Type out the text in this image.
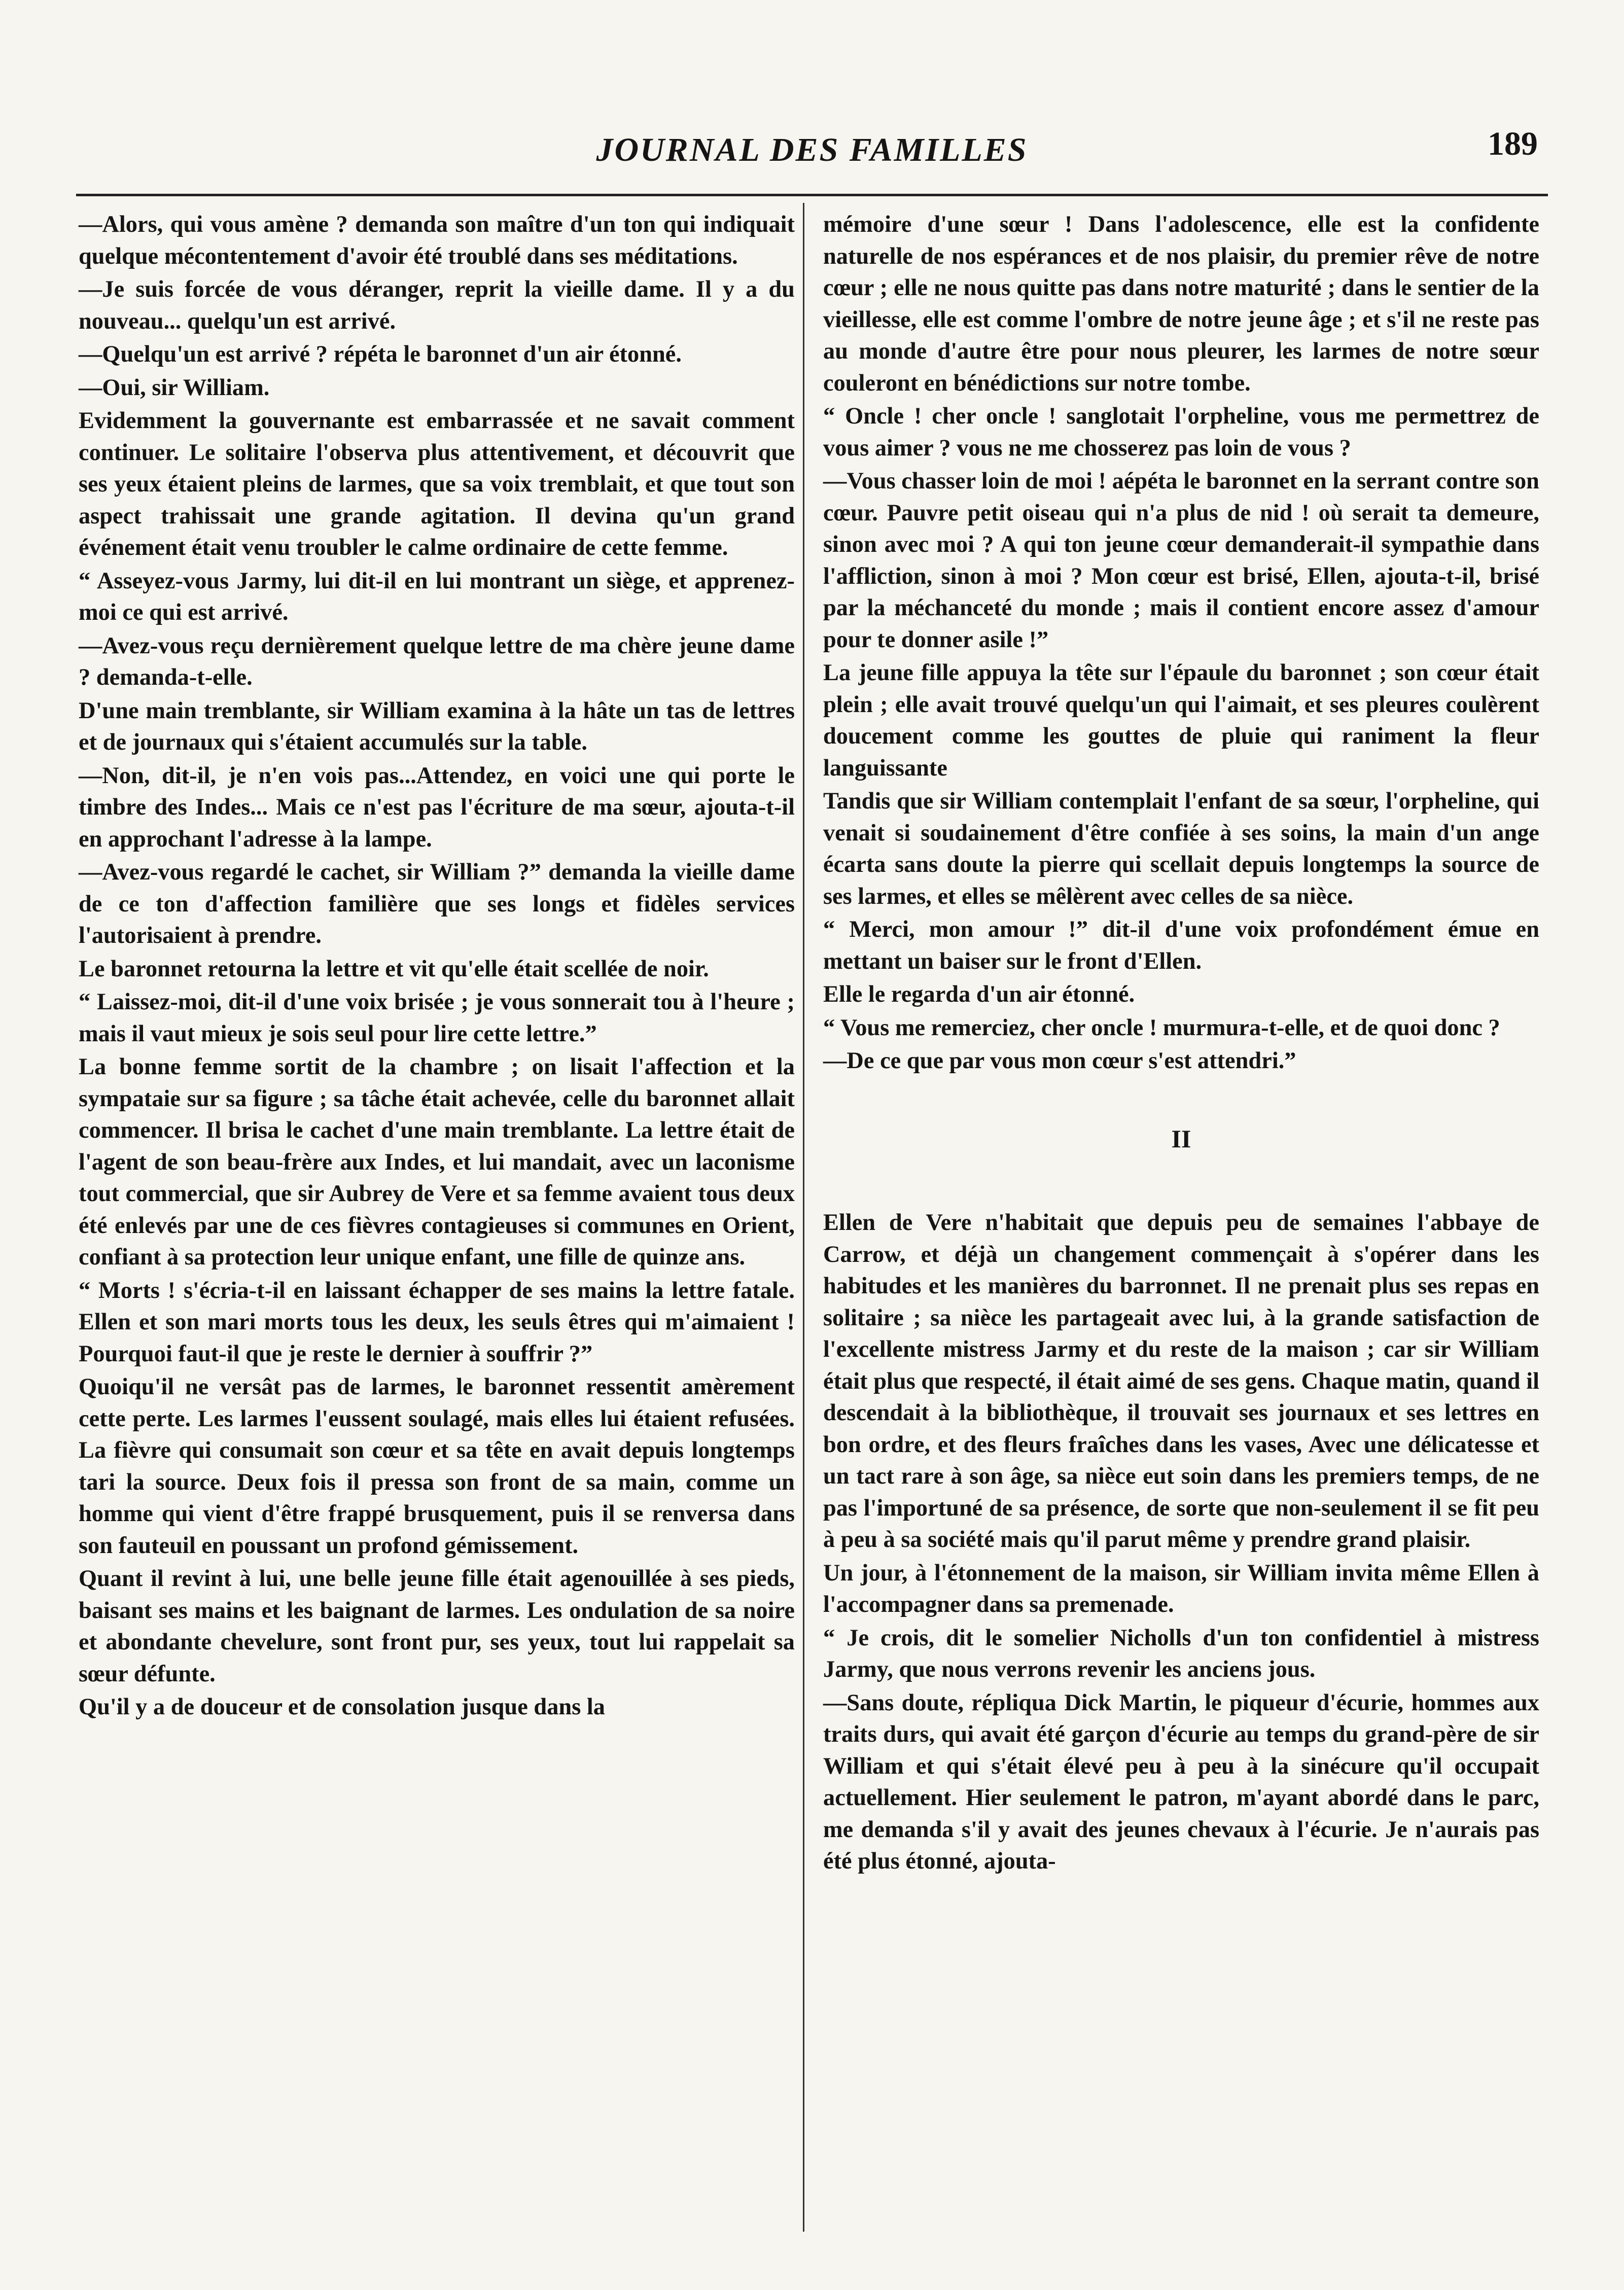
JOURNAL DES FAMILLES	189

—Alors, qui vous amène ? demanda son maître d'un ton qui indiquait quelque mécontentement d'avoir été troublé dans ses méditations.

—Je suis forcée de vous déranger, reprit la vieille dame. Il y a du nouveau... quelqu'un est arrivé.

—Quelqu'un est arrivé ? répéta le baronnet d'un air étonné.

—Oui, sir William.

Evidemment la gouvernante est embarrassée et ne savait comment continuer. Le solitaire l'observa plus attentivement, et découvrit que ses yeux étaient pleins de larmes, que sa voix tremblait, et que tout son aspect trahissait une grande agitation. Il devina qu'un grand événement était venu troubler le calme ordinaire de cette femme.

“ Asseyez-vous Jarmy, lui dit-il en lui montrant un siège, et apprenez-moi ce qui est arrivé.

—Avez-vous reçu dernièrement quelque lettre de ma chère jeune dame ? demanda-t-elle.

D'une main tremblante, sir William examina à la hâte un tas de lettres et de journaux qui s'étaient accumulés sur la table.

—Non, dit-il, je n'en vois pas...Attendez, en voici une qui porte le timbre des Indes... Mais ce n'est pas l'écriture de ma sœur, ajouta-t-il en approchant l'adresse à la lampe.

—Avez-vous regardé le cachet, sir William ?” demanda la vieille dame de ce ton d'affection familière que ses longs et fidèles services l'autorisaient à prendre.

Le baronnet retourna la lettre et vit qu'elle était scellée de noir.

“ Laissez-moi, dit-il d'une voix brisée ; je vous sonnerait tou à l'heure ; mais il vaut mieux je sois seul pour lire cette lettre.”

La bonne femme sortit de la chambre ; on lisait l'affection et la sympataie sur sa figure ; sa tâche était achevée, celle du baronnet allait commencer. Il brisa le cachet d'une main tremblante. La lettre était de l'agent de son beau-frère aux Indes, et lui mandait, avec un laconisme tout commercial, que sir Aubrey de Vere et sa femme avaient tous deux été enlevés par une de ces fièvres contagieuses si communes en Orient, confiant à sa protection leur unique enfant, une fille de quinze ans.

“ Morts ! s'écria-t-il en laissant échapper de ses mains la lettre fatale. Ellen et son mari morts tous les deux, les seuls êtres qui m'aimaient ! Pourquoi faut-il que je reste le dernier à souffrir ?”

Quoiqu'il ne versât pas de larmes, le baronnet ressentit amèrement cette perte. Les larmes l'eussent soulagé, mais elles lui étaient refusées. La fièvre qui consumait son cœur et sa tête en avait depuis longtemps tari la source. Deux fois il pressa son front de sa main, comme un homme qui vient d'être frappé brusquement, puis il se renversa dans son fauteuil en poussant un profond gémissement.

Quant il revint à lui, une belle jeune fille était agenouillée à ses pieds, baisant ses mains et les baignant de larmes. Les ondulation de sa noire et abondante chevelure, sont front pur, ses yeux, tout lui rappelait sa sœur défunte.

Qu'il y a de douceur et de consolation jusque dans la

mémoire d'une sœur ! Dans l'adolescence, elle est la confidente naturelle de nos espérances et de nos plaisir, du premier rêve de notre cœur ; elle ne nous quitte pas dans notre maturité ; dans le sentier de la vieillesse, elle est comme l'ombre de notre jeune âge ; et s'il ne reste pas au monde d'autre être pour nous pleurer, les larmes de notre sœur couleront en bénédictions sur notre tombe.

“ Oncle ! cher oncle ! sanglotait l'orpheline, vous me permettrez de vous aimer ? vous ne me chosserez pas loin de vous ?

—Vous chasser loin de moi ! aépéta le baronnet en la serrant contre son cœur. Pauvre petit oiseau qui n'a plus de nid ! où serait ta demeure, sinon avec moi ? A qui ton jeune cœur demanderait-il sympathie dans l'affliction, sinon à moi ? Mon cœur est brisé, Ellen, ajouta-t-il, brisé par la méchanceté du monde ; mais il contient encore assez d'amour pour te donner asile !”

La jeune fille appuya la tête sur l'épaule du baronnet ; son cœur était plein ; elle avait trouvé quelqu'un qui l'aimait, et ses pleures coulèrent doucement comme les gouttes de pluie qui raniment la fleur languissante

Tandis que sir William contemplait l'enfant de sa sœur, l'orpheline, qui venait si soudainement d'être confiée à ses soins, la main d'un ange écarta sans doute la pierre qui scellait depuis longtemps la source de ses larmes, et elles se mêlèrent avec celles de sa nièce.

“ Merci, mon amour !” dit-il d'une voix profondément émue en mettant un baiser sur le front d'Ellen.

Elle le regarda d'un air étonné.

“ Vous me remerciez, cher oncle ! murmura-t-elle, et de quoi donc ?

—De ce que par vous mon cœur s'est attendri.”

II

Ellen de Vere n'habitait que depuis peu de semaines l'abbaye de Carrow, et déjà un changement commençait à s'opérer dans les habitudes et les manières du barronnet. Il ne prenait plus ses repas en solitaire ; sa nièce les partageait avec lui, à la grande satisfaction de l'excellente mistress Jarmy et du reste de la maison ; car sir William était plus que respecté, il était aimé de ses gens. Chaque matin, quand il descendait à la bibliothèque, il trouvait ses journaux et ses lettres en bon ordre, et des fleurs fraîches dans les vases, Avec une délicatesse et un tact rare à son âge, sa nièce eut soin dans les premiers temps, de ne pas l'importuné de sa présence, de sorte que non-seulement il se fit peu à peu à sa société mais qu'il parut même y prendre grand plaisir.

Un jour, à l'étonnement de la maison, sir William invita même Ellen à l'accompagner dans sa premenade.

“ Je crois, dit le somelier Nicholls d'un ton confidentiel à mistress Jarmy, que nous verrons revenir les anciens jous.

—Sans doute, répliqua Dick Martin, le piqueur d'écurie, hommes aux traits durs, qui avait été garçon d'écurie au temps du grand-père de sir William et qui s'était élevé peu à peu à la sinécure qu'il occupait actuellement. Hier seulement le patron, m'ayant abordé dans le parc, me demanda s'il y avait des jeunes chevaux à l'écurie. Je n'aurais pas été plus étonné, ajouta-
